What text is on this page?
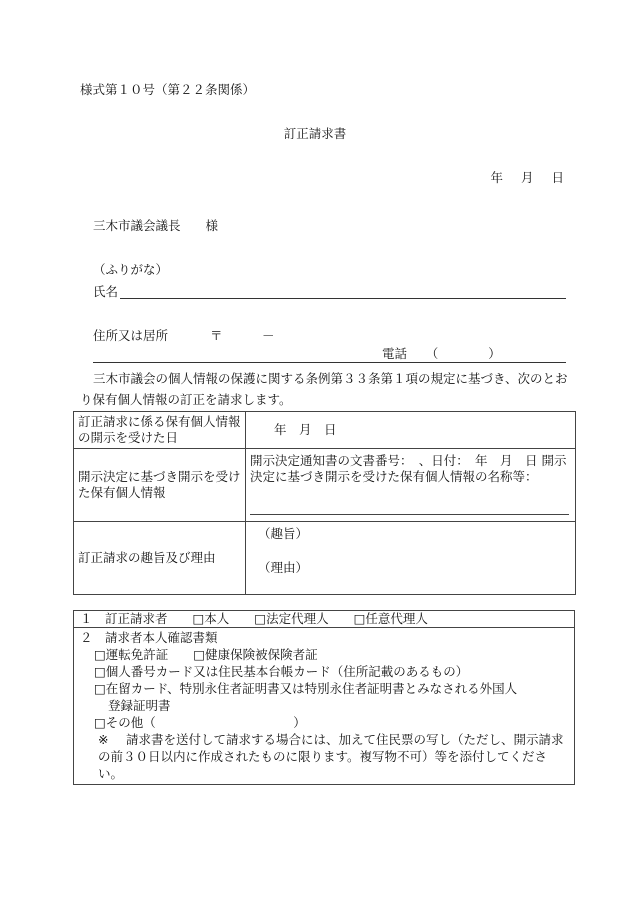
様式第１０号（第２２条関係）
訂正請求書
年 月 日
三木市議会議長　　様
（ふりがな）
氏名
住所又は居所	〒	－
電話　　（　　　　）
三木市議会の個人情報の保護に関する条例第３３条第１項の規定に基づき、次のとおり保有個人情報の訂正を請求します。
訂正請求に係る保有個人情報の開示を受けた日	年　月　日
開示決定に基づき開示を受けた保有個人情報	開示決定通知書の文書番号：　、日付：　年　月　日 開示決定に基づき開示を受けた保有個人情報の名称等：

訂正請求の趣旨及び理由	（趣旨）
（理由）
１　訂正請求者　　□本人　　□法定代理人　　□任意代理人
２　請求者本人確認書類
□運転免許証　　□健康保険被保険者証
□個人番号カード又は住民基本台帳カード（住所記載のあるもの）
□在留カード、特別永住者証明書又は特別永住者証明書とみなされる外国人
登録証明書
□その他（　　　　　　　　　　　）
※ 請求書を送付して請求する場合には、加えて住民票の写し（ただし、開示請求の前３０日以内に作成されたものに限ります。複写物不可）等を添付してください。
